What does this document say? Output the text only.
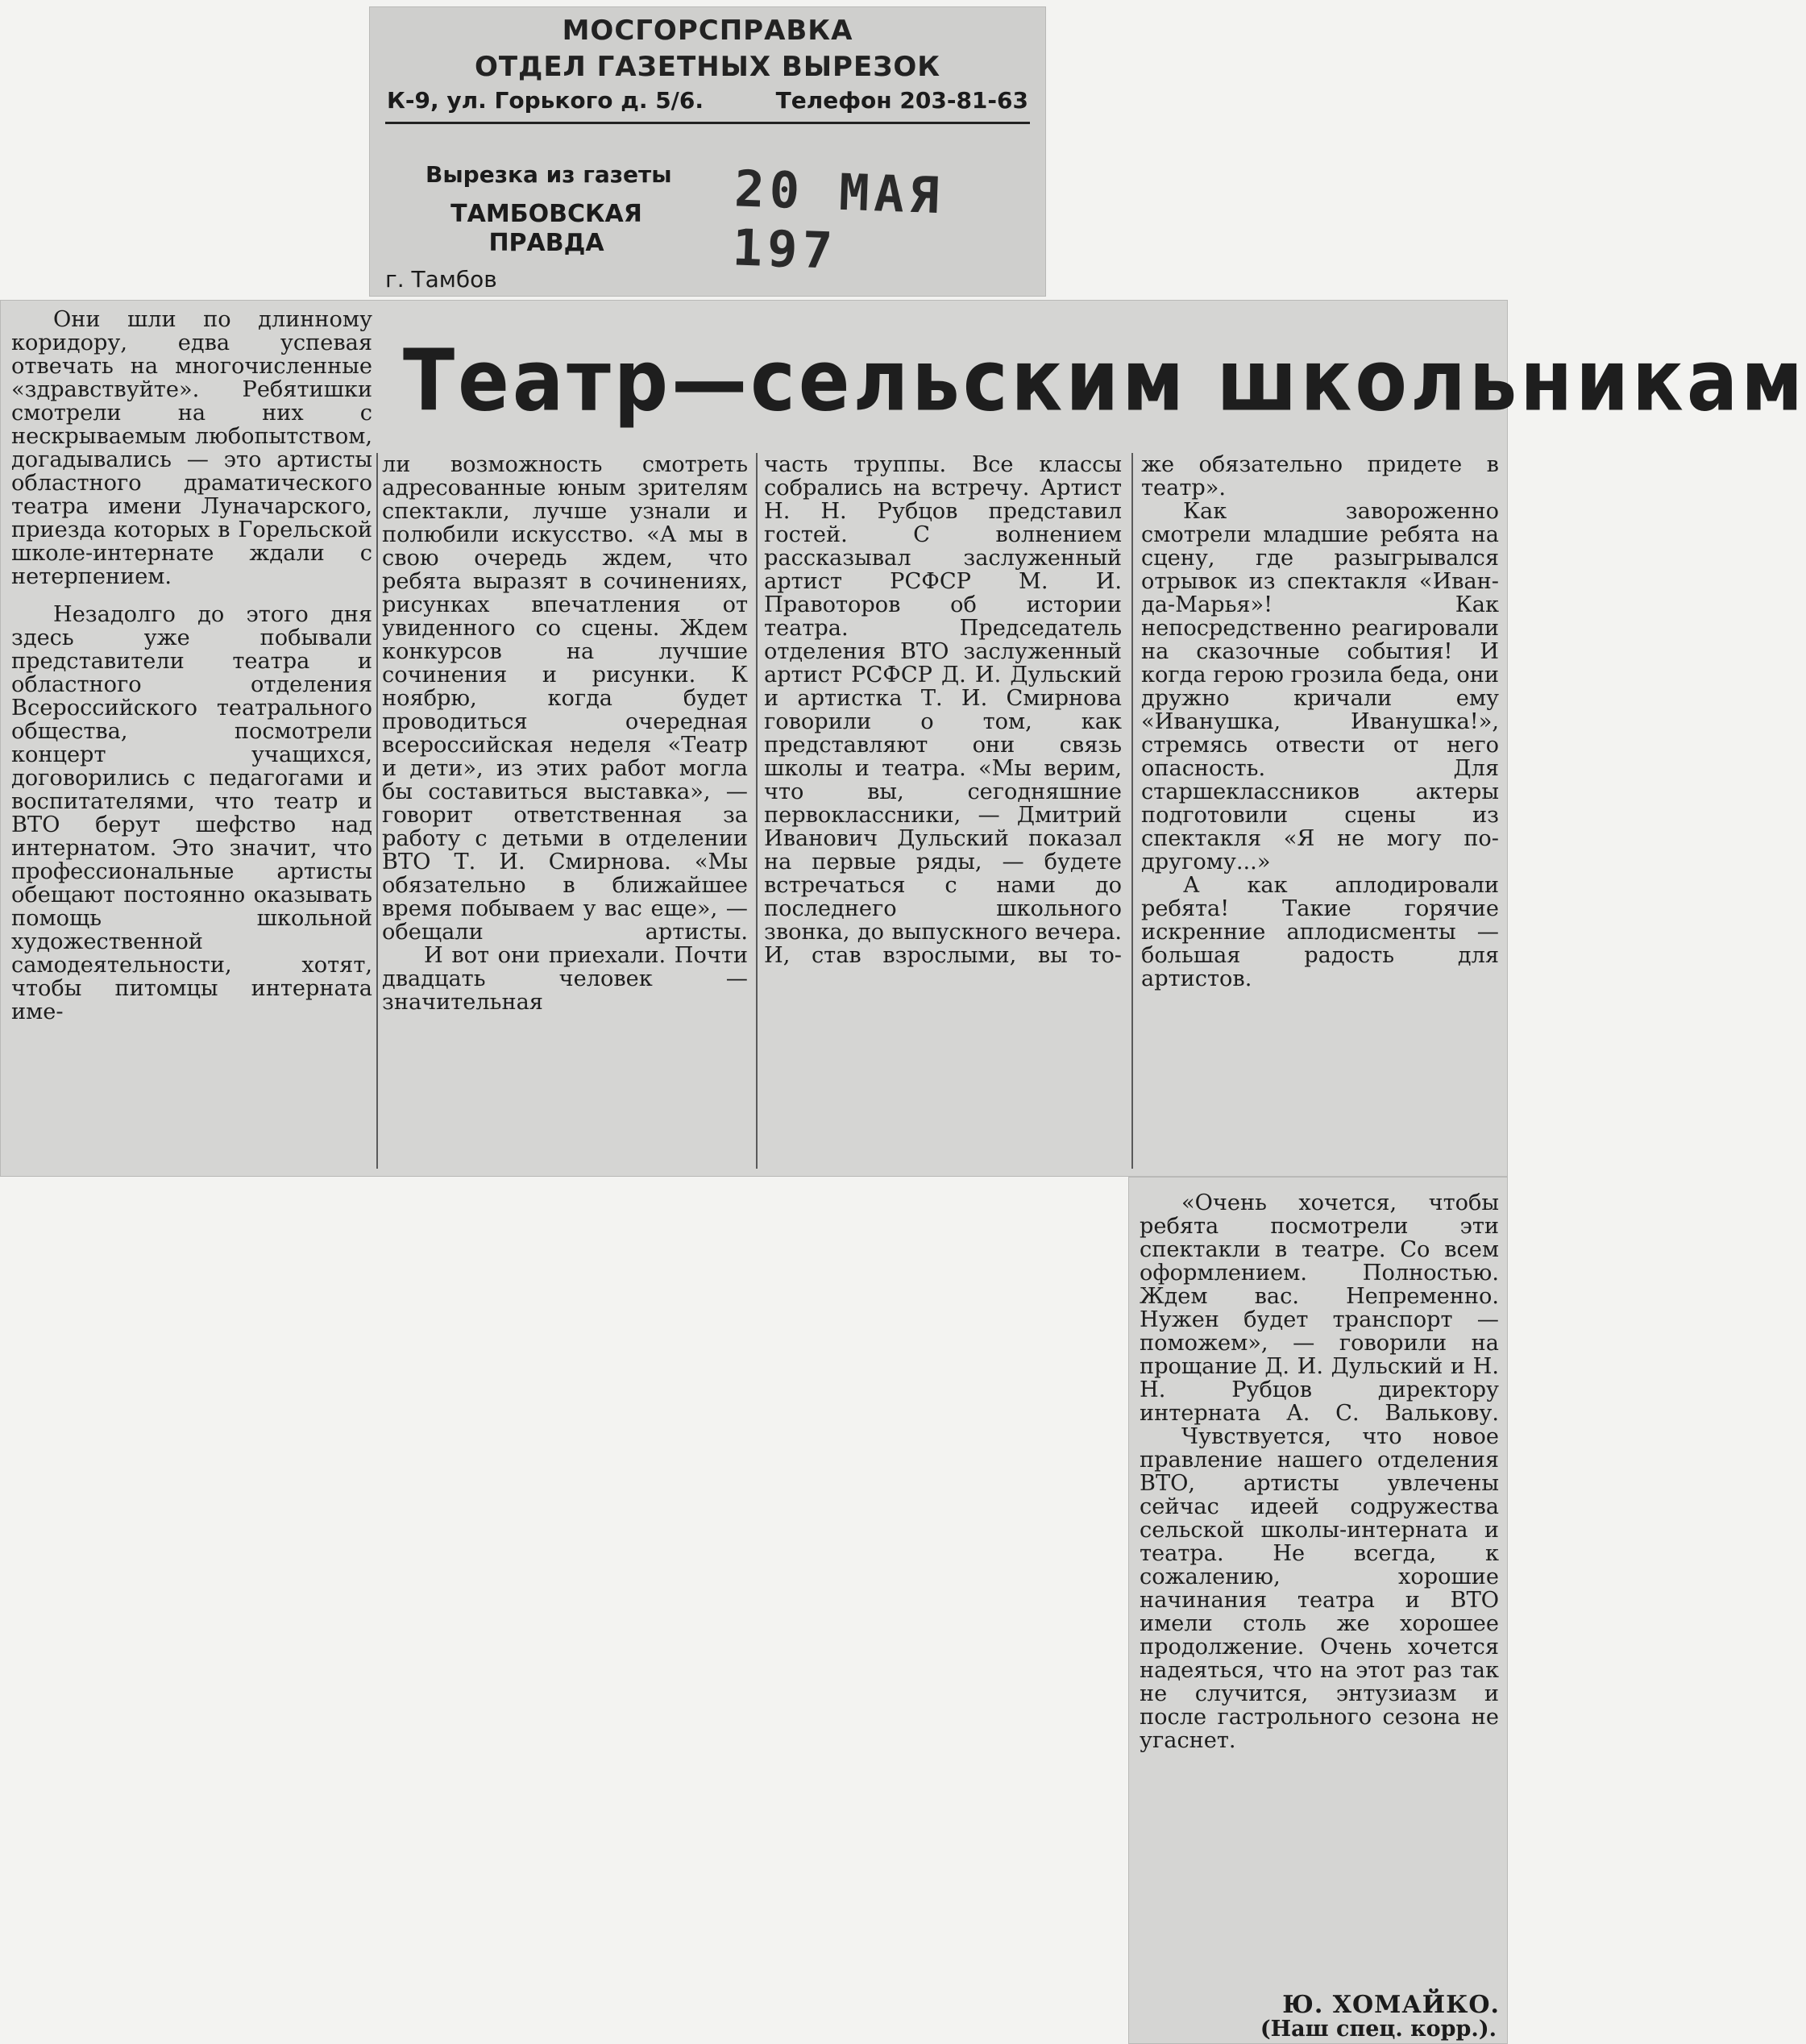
МОСГОРСПРАВКА
ОТДЕЛ ГАЗЕТНЫХ ВЫРЕЗОК
К-9, ул. Горького д. 5/6.	Телефон 203-81-63
Вырезка из газеты
ТАМБОВСКАЯ ПРАВДА
20 МАЯ 197
г. Тамбов
Театр—сельским школьникам

Они шли по длинному коридору, едва успевая отвечать на многочисленные «здравствуйте». Ребятишки смотрели на них с нескрываемым любопытством, догадывались — это артисты областного драматического театра имени Луначарского, приезда которых в Горельской школе-интернате ждали с нетерпением.

Незадолго до этого дня здесь уже побывали представители театра и областного отделения Всероссийского театрального общества, посмотрели концерт учащихся, договорились с педагогами и воспитателями, что театр и ВТО берут шефство над интернатом. Это значит, что профессиональные артисты обещают постоянно оказывать помощь школьной художественной самодеятельности, хотят, чтобы питомцы интерната име-

ли возможность смотреть адресованные юным зрителям спектакли, лучше узнали и полюбили искусство. «А мы в свою очередь ждем, что ребята выразят в сочинениях, рисунках впечатления от увиденного со сцены. Ждем конкурсов на лучшие сочинения и рисунки. К ноябрю, когда будет проводиться очередная всероссийская неделя «Театр и дети», из этих работ могла бы составиться выставка», — говорит ответственная за работу с детьми в отделении ВТО Т. И. Смирнова. «Мы обязательно в ближайшее время побываем у вас еще», — обещали артисты.

И вот они приехали. Почти двадцать человек — значительная

часть труппы. Все классы собрались на встречу. Артист Н. Н. Рубцов представил гостей. С волнением рассказывал заслуженный артист РСФСР М. И. Правоторов об истории театра. Председатель отделения ВТО заслуженный артист РСФСР Д. И. Дульский и артистка Т. И. Смирнова говорили о том, как представляют они связь школы и театра. «Мы верим, что вы, сегодняшние первоклассники, — Дмитрий Иванович Дульский показал на первые ряды, — будете встречаться с нами до последнего школьного звонка, до выпускного вечера. И, став взрослыми, вы то-

же обязательно придете в театр».

Как завороженно смотрели младшие ребята на сцену, где разыгрывался отрывок из спектакля «Иван-да-Марья»! Как непосредственно реагировали на сказочные события! И когда герою грозила беда, они дружно кричали ему «Иванушка, Иванушка!», стремясь отвести от него опасность. Для старшеклассников актеры подготовили сцены из спектакля «Я не могу по-другому...»

А как аплодировали ребята! Такие горячие искренние аплодисменты — большая радость для артистов.

«Очень хочется, чтобы ребята посмотрели эти спектакли в театре. Со всем оформлением. Полностью. Ждем вас. Непременно. Нужен будет транспорт — поможем», — говорили на прощание Д. И. Дульский и Н. Н. Рубцов директору интерната А. С. Валькову.

Чувствуется, что новое правление нашего отделения ВТО, артисты увлечены сейчас идеей содружества сельской школы-интерната и театра. Не всегда, к сожалению, хорошие начинания театра и ВТО имели столь же хорошее продолжение. Очень хочется надеяться, что на этот раз так не случится, энтузиазм и после гастрольного сезона не угаснет.

Ю. ХОМАЙКО.
(Наш спец. корр.).
